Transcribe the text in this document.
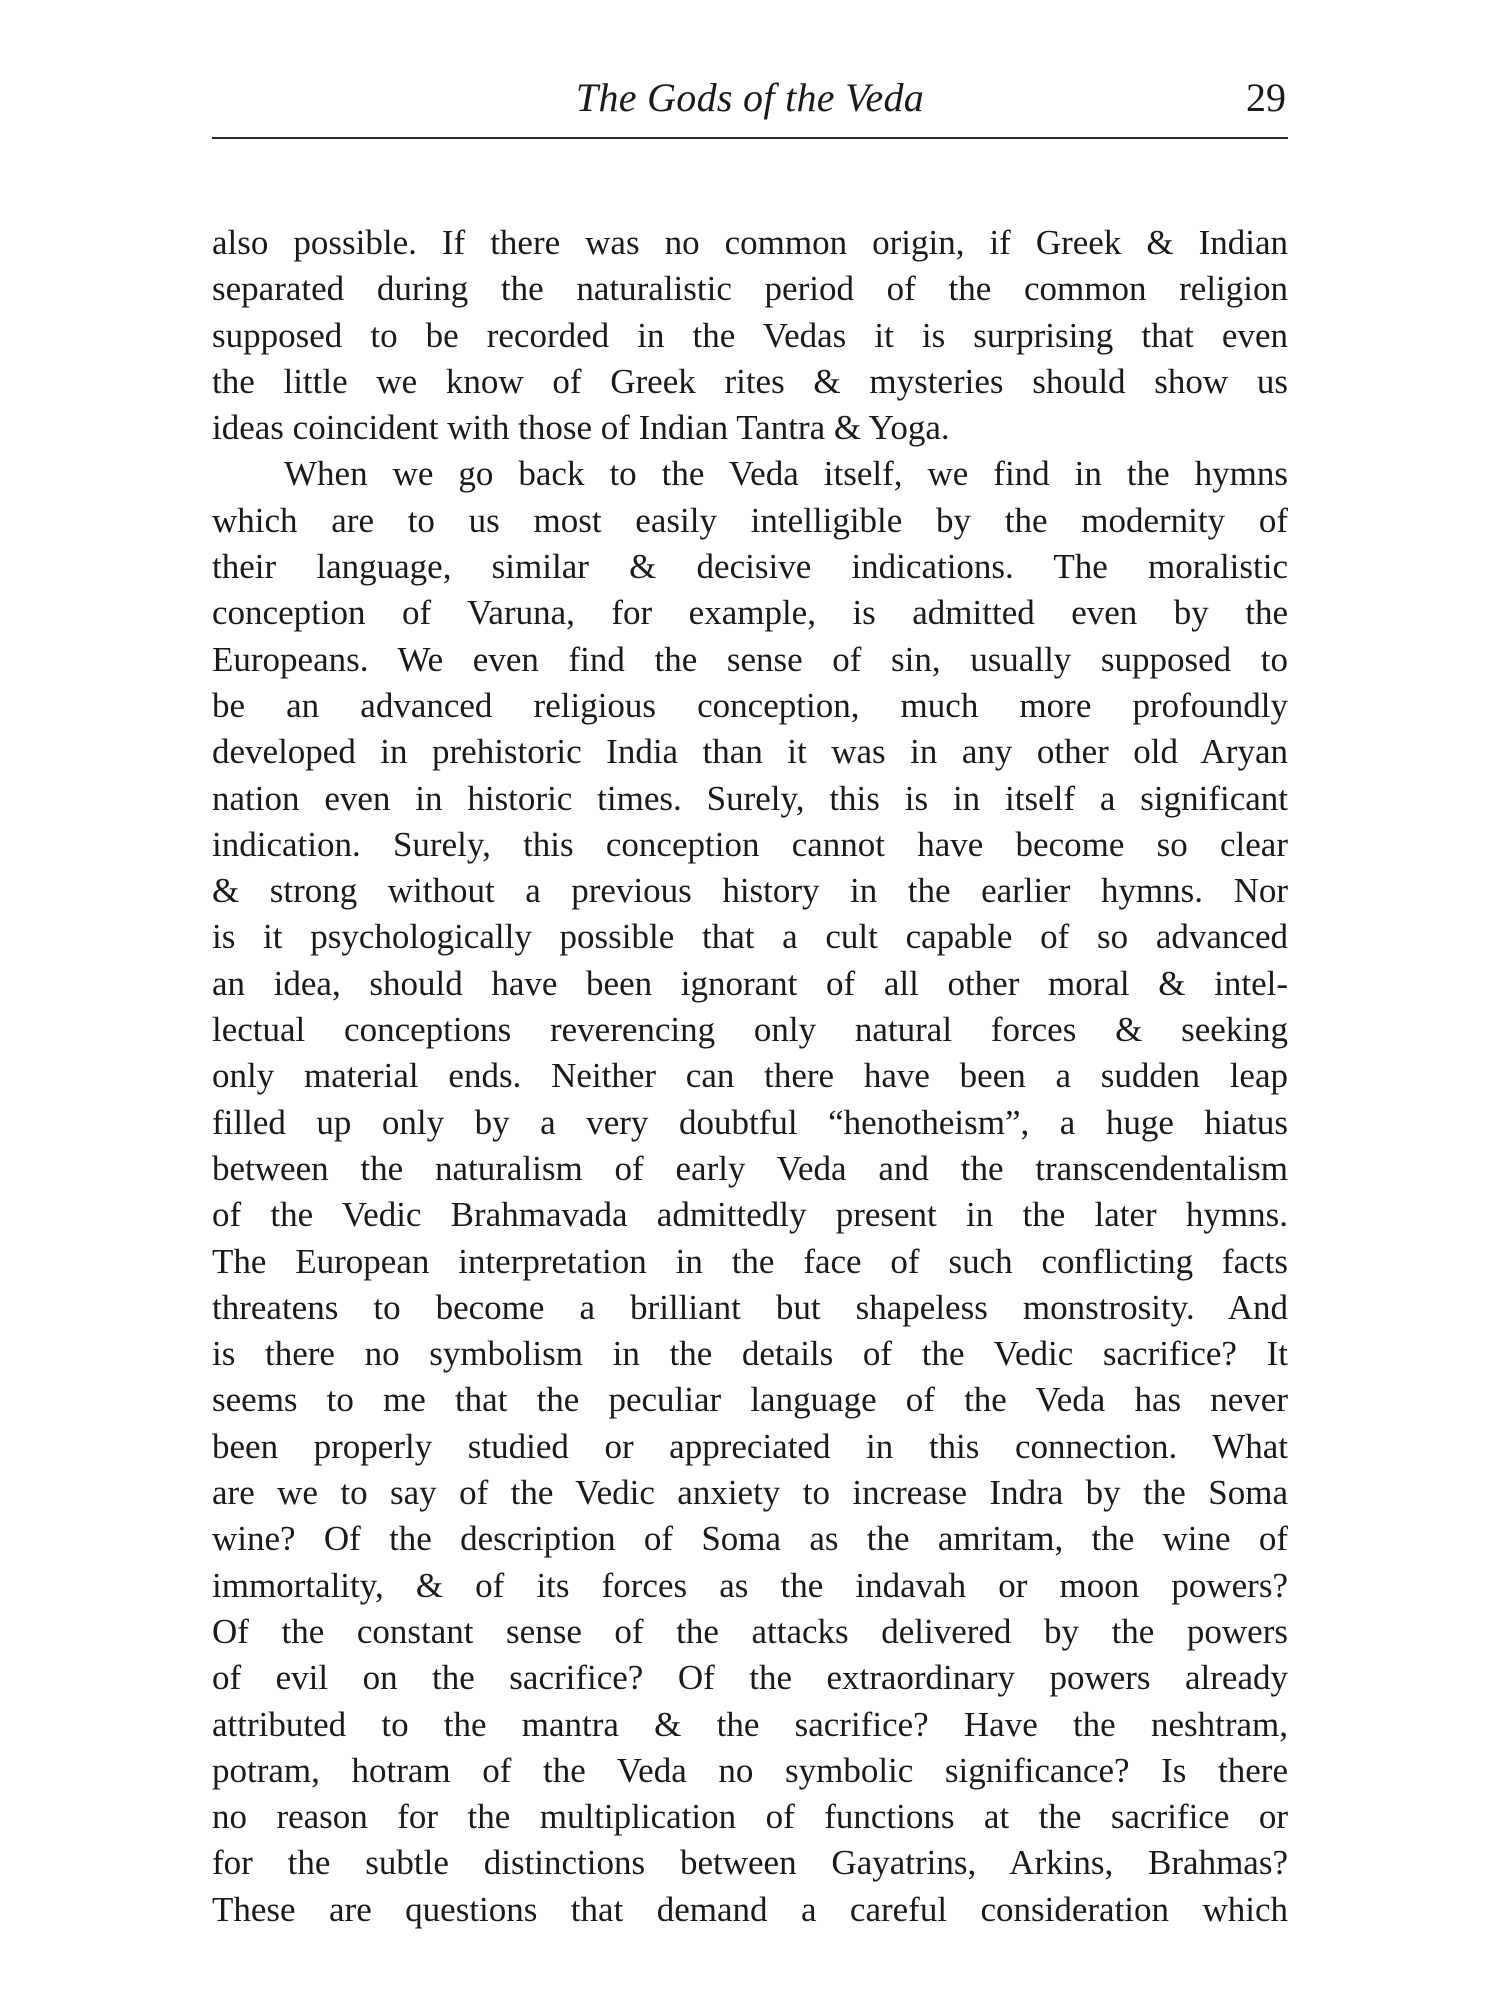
The Gods of the Veda	29
also possible. If there was no common origin, if Greek & Indian
separated during the naturalistic period of the common religion
supposed to be recorded in the Vedas it is surprising that even
the little we know of Greek rites & mysteries should show us
ideas coincident with those of Indian Tantra & Yoga.
When we go back to the Veda itself, we find in the hymns
which are to us most easily intelligible by the modernity of
their language, similar & decisive indications. The moralistic
conception of Varuna, for example, is admitted even by the
Europeans. We even find the sense of sin, usually supposed to
be an advanced religious conception, much more profoundly
developed in prehistoric India than it was in any other old Aryan
nation even in historic times. Surely, this is in itself a significant
indication. Surely, this conception cannot have become so clear
& strong without a previous history in the earlier hymns. Nor
is it psychologically possible that a cult capable of so advanced
an idea, should have been ignorant of all other moral & intel-
lectual conceptions reverencing only natural forces & seeking
only material ends. Neither can there have been a sudden leap
filled up only by a very doubtful “henotheism”, a huge hiatus
between the naturalism of early Veda and the transcendentalism
of the Vedic Brahmavada admittedly present in the later hymns.
The European interpretation in the face of such conflicting facts
threatens to become a brilliant but shapeless monstrosity. And
is there no symbolism in the details of the Vedic sacrifice? It
seems to me that the peculiar language of the Veda has never
been properly studied or appreciated in this connection. What
are we to say of the Vedic anxiety to increase Indra by the Soma
wine? Of the description of Soma as the amritam, the wine of
immortality, & of its forces as the indavah or moon powers?
Of the constant sense of the attacks delivered by the powers
of evil on the sacrifice? Of the extraordinary powers already
attributed to the mantra & the sacrifice? Have the neshtram,
potram, hotram of the Veda no symbolic significance? Is there
no reason for the multiplication of functions at the sacrifice or
for the subtle distinctions between Gayatrins, Arkins, Brahmas?
These are questions that demand a careful consideration which
